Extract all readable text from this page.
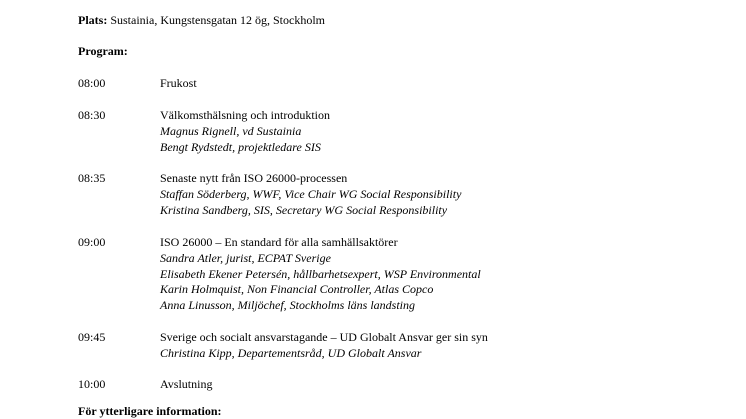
Plats: Sustainia, Kungstensgatan 12 ög, Stockholm
Program:
08:00	Frukost
08:30	Välkomsthälsning och introduktion
Magnus Rignell, vd Sustainia
Bengt Rydstedt, projektledare SIS
08:35	Senaste nytt från ISO 26000-processen
Staffan Söderberg, WWF, Vice Chair WG Social Responsibility
Kristina Sandberg, SIS, Secretary WG Social Responsibility
09:00	ISO 26000 – En standard för alla samhällsaktörer
Sandra Atler, jurist, ECPAT Sverige
Elisabeth Ekener Petersén, hållbarhetsexpert, WSP Environmental
Karin Holmquist, Non Financial Controller, Atlas Copco
Anna Linusson, Miljöchef, Stockholms läns landsting
09:45	Sverige och socialt ansvarstagande – UD Globalt Ansvar ger sin syn
Christina Kipp, Departementsråd, UD Globalt Ansvar
10:00	Avslutning
För ytterligare information:
